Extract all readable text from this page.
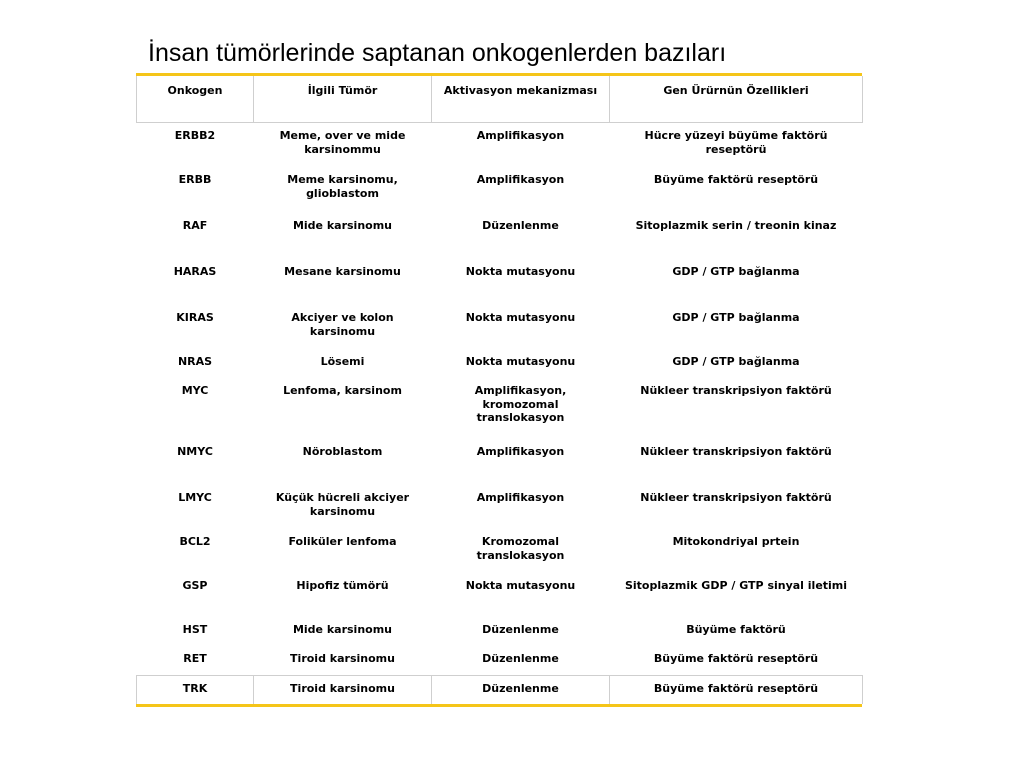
İnsan tümörlerinde saptanan onkogenlerden bazıları
Onkogen	İlgili Tümör	Aktivasyon mekanizması	Gen Ürürnün Özellikleri
ERBB2	Meme, over ve mide karsinommu	Amplifikasyon	Hücre yüzeyi büyüme faktörü reseptörü
ERBB	Meme karsinomu, glioblastom	Amplifikasyon	Büyüme faktörü reseptörü
RAF	Mide karsinomu	Düzenlenme	Sitoplazmik serin / treonin kinaz
HARAS	Mesane karsinomu	Nokta mutasyonu	GDP / GTP bağlanma
KIRAS	Akciyer ve kolon karsinomu	Nokta mutasyonu	GDP / GTP bağlanma
NRAS	Lösemi	Nokta mutasyonu	GDP / GTP bağlanma
MYC	Lenfoma, karsinom	Amplifikasyon, kromozomal translokasyon	Nükleer transkripsiyon faktörü
NMYC	Nöroblastom	Amplifikasyon	Nükleer transkripsiyon faktörü
LMYC	Küçük hücreli akciyer karsinomu	Amplifikasyon	Nükleer transkripsiyon faktörü
BCL2	Foliküler lenfoma	Kromozomal translokasyon	Mitokondriyal prtein
GSP	Hipofiz tümörü	Nokta mutasyonu	Sitoplazmik GDP / GTP sinyal iletimi
HST	Mide karsinomu	Düzenlenme	Büyüme faktörü
RET	Tiroid karsinomu	Düzenlenme	Büyüme faktörü reseptörü
TRK	Tiroid karsinomu	Düzenlenme	Büyüme faktörü reseptörü
